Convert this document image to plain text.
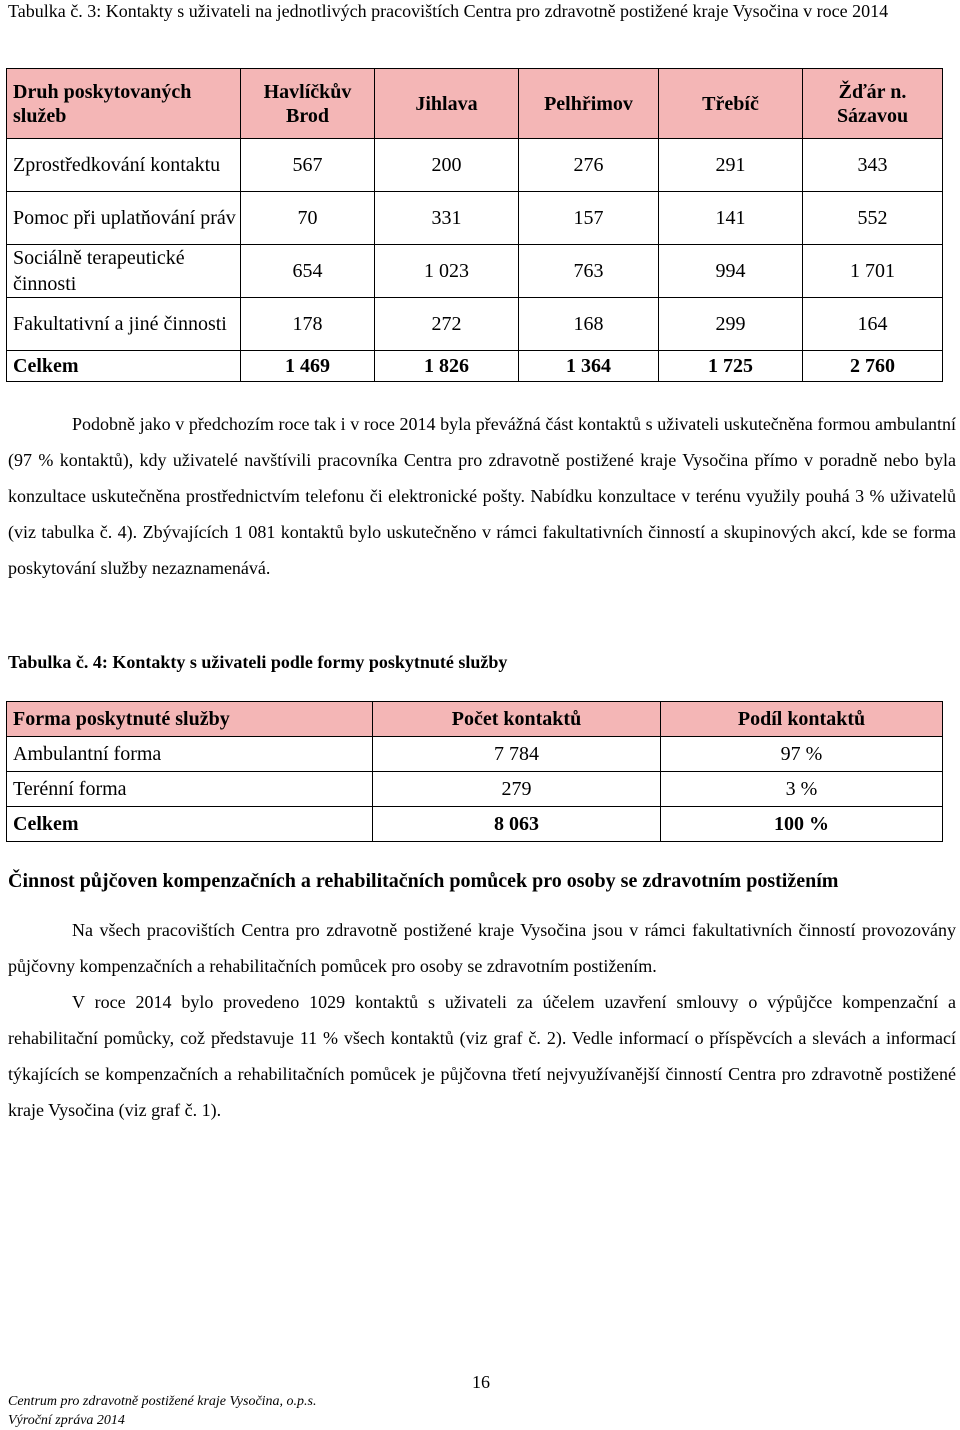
Tabulka č. 3: Kontakty s uživateli na jednotlivých pracovištích Centra pro zdravotně postižené kraje Vysočina v roce 2014
Druh poskytovaných služeb	Havlíčkův Brod	Jihlava	Pelhřimov	Třebíč	Žďár n. Sázavou
Zprostředkování kontaktu	567	200	276	291	343
Pomoc při uplatňování práv	70	331	157	141	552
Sociálně terapeutické činnosti	654	1 023	763	994	1 701
Fakultativní a jiné činnosti	178	272	168	299	164
Celkem	1 469	1 826	1 364	1 725	2 760
Podobně jako v předchozím roce tak i v roce 2014 byla převážná část kontaktů s uživateli uskutečněna formou ambulantní (97 % kontaktů), kdy uživatelé navštívili pracovníka Centra pro zdravotně postižené kraje Vysočina přímo v poradně nebo byla konzultace uskutečněna prostřednictvím telefonu či elektronické pošty. Nabídku konzultace v terénu využily pouhá 3 % uživatelů (viz tabulka č. 4). Zbývajících 1 081 kontaktů bylo uskutečněno v rámci fakultativních činností a skupinových akcí, kde se forma poskytování služby nezaznamenává.
Tabulka č. 4: Kontakty s uživateli podle formy poskytnuté služby
Forma poskytnuté služby	Počet kontaktů	Podíl kontaktů
Ambulantní forma	7 784	97 %
Terénní forma	279	3 %
Celkem	8 063	100 %
Činnost půjčoven kompenzačních a rehabilitačních pomůcek pro osoby se zdravotním postižením
Na všech pracovištích Centra pro zdravotně postižené kraje Vysočina jsou v rámci fakultativních činností provozovány půjčovny kompenzačních a rehabilitačních pomůcek pro osoby se zdravotním postižením.
V roce 2014 bylo provedeno 1029 kontaktů s uživateli za účelem uzavření smlouvy o výpůjčce kompenzační a rehabilitační pomůcky, což představuje 11 % všech kontaktů (viz graf č. 2). Vedle informací o příspěvcích a slevách a informací týkajících se kompenzačních a rehabilitačních pomůcek je půjčovna třetí nejvyužívanější činností Centra pro zdravotně postižené kraje Vysočina (viz graf č. 1).
16
Centrum pro zdravotně postižené kraje Vysočina, o.p.s.
Výroční zpráva 2014
